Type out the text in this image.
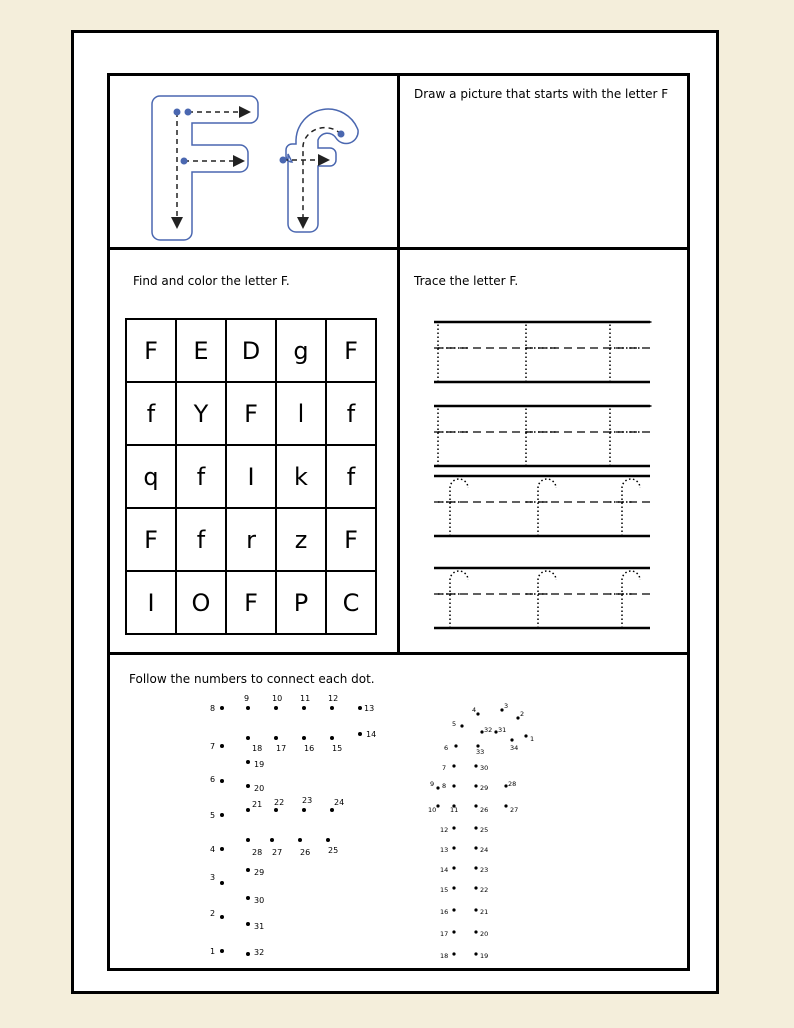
Draw a picture that starts with the letter F
Find and color the letter F.
F	E	D	g	F
f	Y	F	l	f
q	f	I	k	f
F	f	r	z	F
I	O	F	P	C
Trace the letter F.
Follow the numbers to connect each dot.
1
2
3
4
5
6
7
8
9	10 11 12
13
14
15
16
17
18
19
20
21 22 23	24
25
26
27
28
29
30
31
32
1
2
3
4
5
6
7
8
9
10 11
12
13
14
15
16
17
18	19
20
21
22
23
24
25
26	27
28
29
30
31
32
33	34
